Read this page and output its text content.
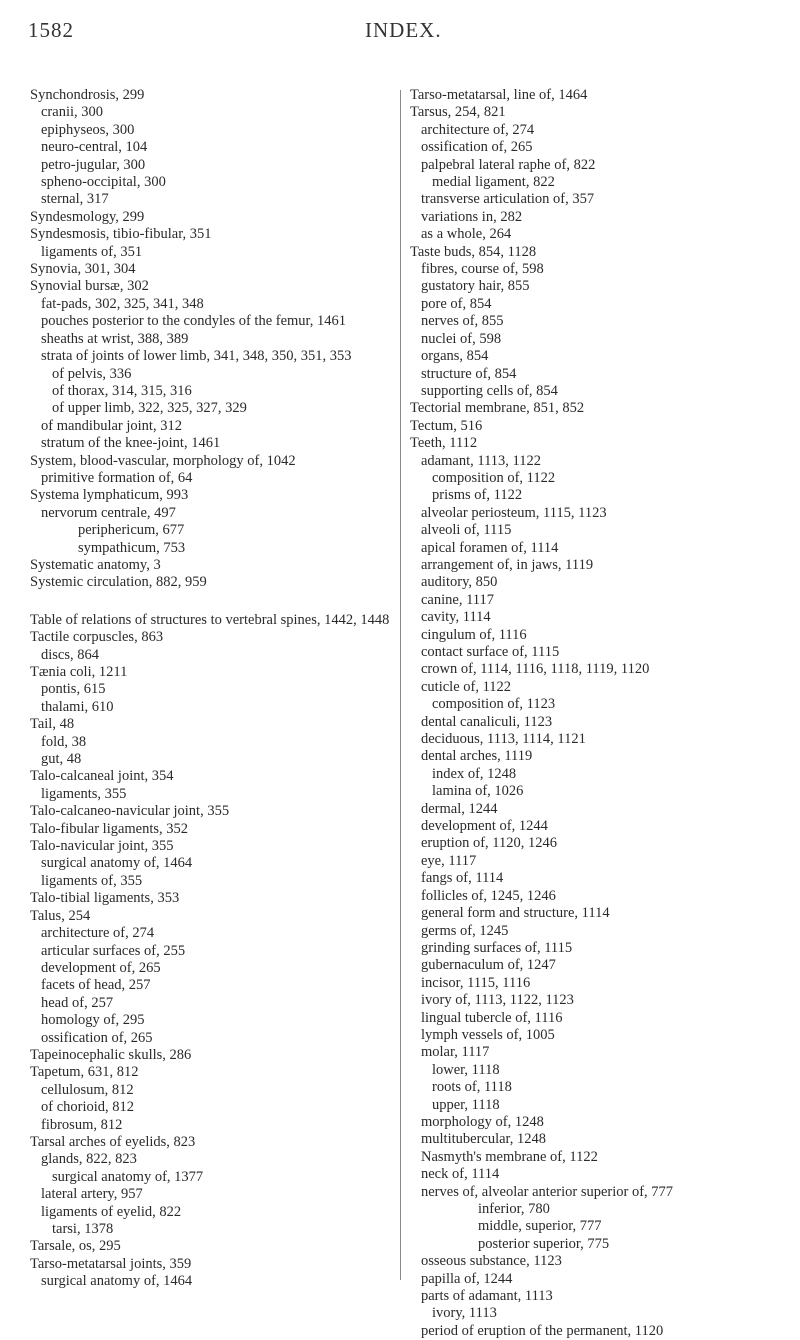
1582	INDEX.
Synchondrosis, 299
cranii, 300
epiphyseos, 300
neuro-central, 104
petro-jugular, 300
spheno-occipital, 300
sternal, 317
Syndesmology, 299
Syndesmosis, tibio-fibular, 351
ligaments of, 351
Synovia, 301, 304
Synovial bursæ, 302
fat-pads, 302, 325, 341, 348
pouches posterior to the condyles of the femur, 1461
sheaths at wrist, 388, 389
strata of joints of lower limb, 341, 348, 350, 351, 353
of pelvis, 336
of thorax, 314, 315, 316
of upper limb, 322, 325, 327, 329
of mandibular joint, 312
stratum of the knee-joint, 1461
System, blood-vascular, morphology of, 1042
primitive formation of, 64
Systema lymphaticum, 993
nervorum centrale, 497
periphericum, 677
sympathicum, 753
Systematic anatomy, 3
Systemic circulation, 882, 959
Table of relations of structures to vertebral spines, 1442, 1448
Tactile corpuscles, 863
discs, 864
Tænia coli, 1211
pontis, 615
thalami, 610
Tail, 48
fold, 38
gut, 48
Talo-calcaneal joint, 354
ligaments, 355
Talo-calcaneo-navicular joint, 355
Talo-fibular ligaments, 352
Talo-navicular joint, 355
surgical anatomy of, 1464
ligaments of, 355
Talo-tibial ligaments, 353
Talus, 254
architecture of, 274
articular surfaces of, 255
development of, 265
facets of head, 257
head of, 257
homology of, 295
ossification of, 265
Tapeinocephalic skulls, 286
Tapetum, 631, 812
cellulosum, 812
of chorioid, 812
fibrosum, 812
Tarsal arches of eyelids, 823
glands, 822, 823
surgical anatomy of, 1377
lateral artery, 957
ligaments of eyelid, 822
tarsi, 1378
Tarsale, os, 295
Tarso-metatarsal joints, 359
surgical anatomy of, 1464
Tarso-metatarsal, line of, 1464
Tarsus, 254, 821
architecture of, 274
ossification of, 265
palpebral lateral raphe of, 822
medial ligament, 822
transverse articulation of, 357
variations in, 282
as a whole, 264
Taste buds, 854, 1128
fibres, course of, 598
gustatory hair, 855
pore of, 854
nerves of, 855
nuclei of, 598
organs, 854
structure of, 854
supporting cells of, 854
Tectorial membrane, 851, 852
Tectum, 516
Teeth, 1112
adamant, 1113, 1122
composition of, 1122
prisms of, 1122
alveolar periosteum, 1115, 1123
alveoli of, 1115
apical foramen of, 1114
arrangement of, in jaws, 1119
auditory, 850
canine, 1117
cavity, 1114
cingulum of, 1116
contact surface of, 1115
crown of, 1114, 1116, 1118, 1119, 1120
cuticle of, 1122
composition of, 1123
dental canaliculi, 1123
deciduous, 1113, 1114, 1121
dental arches, 1119
index of, 1248
lamina of, 1026
dermal, 1244
development of, 1244
eruption of, 1120, 1246
eye, 1117
fangs of, 1114
follicles of, 1245, 1246
general form and structure, 1114
germs of, 1245
grinding surfaces of, 1115
gubernaculum of, 1247
incisor, 1115, 1116
ivory of, 1113, 1122, 1123
lingual tubercle of, 1116
lymph vessels of, 1005
molar, 1117
lower, 1118
roots of, 1118
upper, 1118
morphology of, 1248
multitubercular, 1248
Nasmyth's membrane of, 1122
neck of, 1114
nerves of, alveolar anterior superior of, 777
inferior, 780
middle, superior, 777
posterior superior, 775
osseous substance, 1123
papilla of, 1244
parts of adamant, 1113
ivory, 1113
period of eruption of the permanent, 1120
